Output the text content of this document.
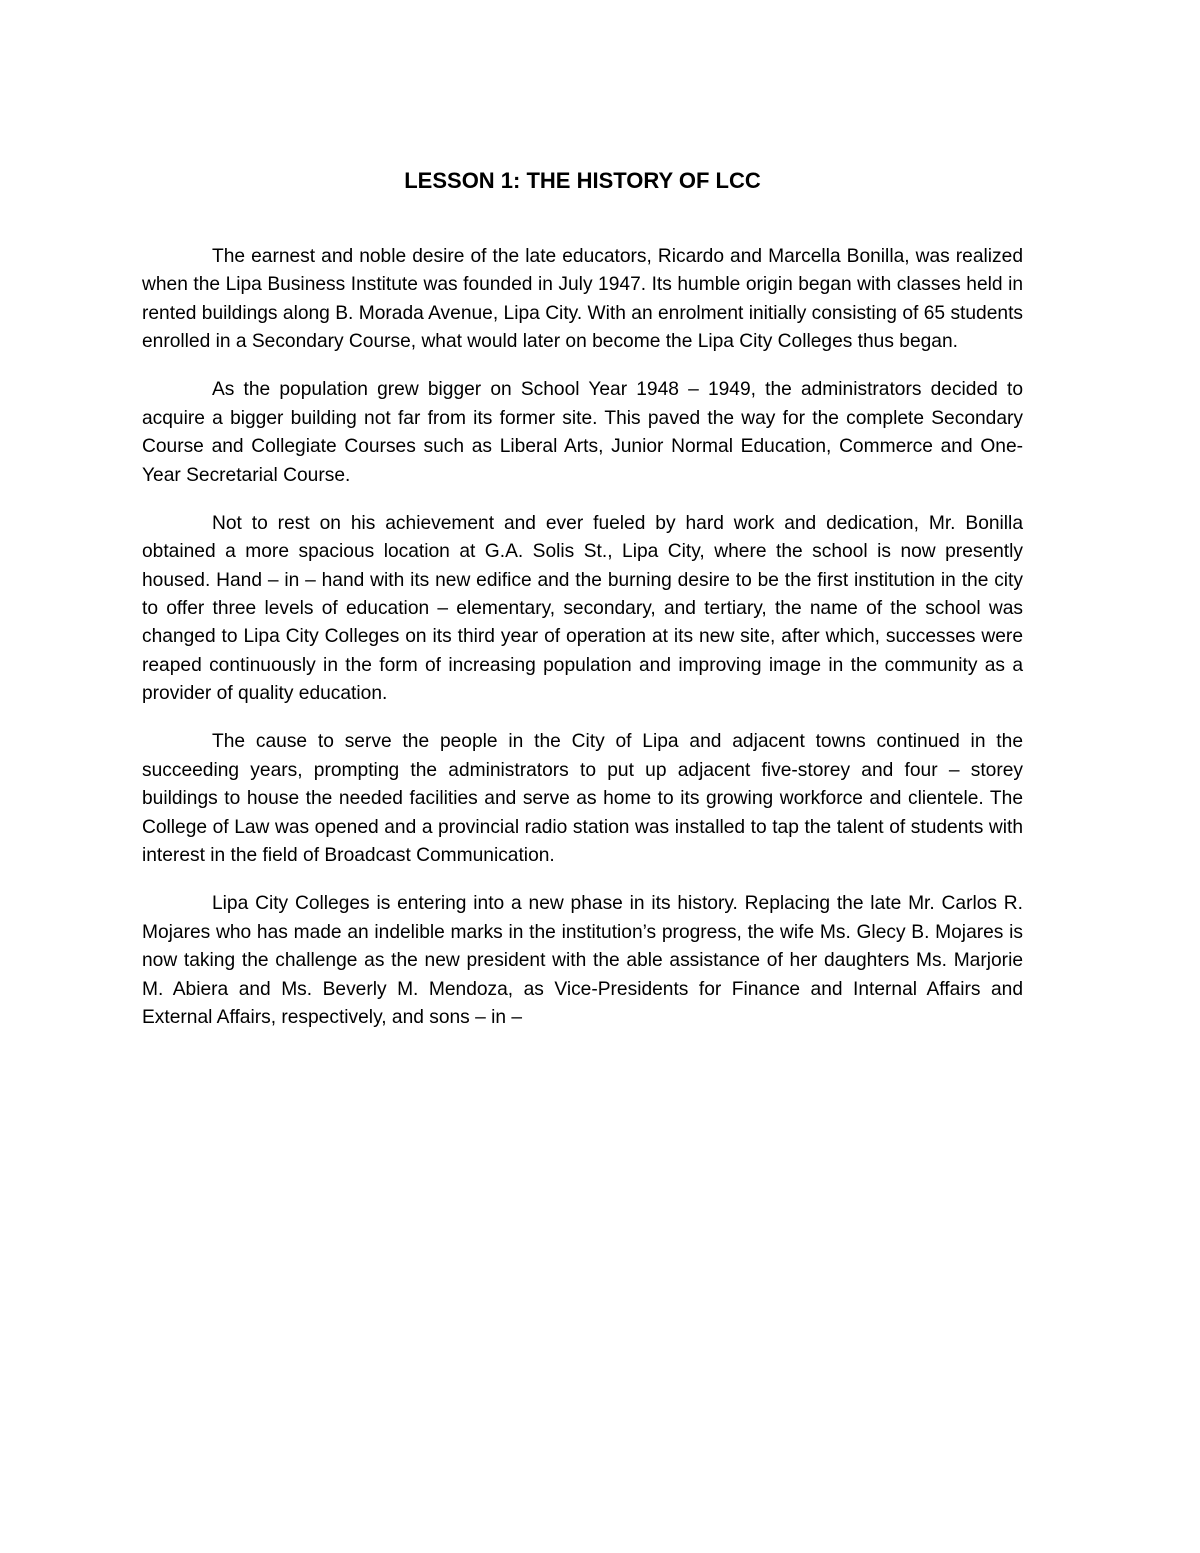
LESSON 1: THE HISTORY OF LCC

The earnest and noble desire of the late educators, Ricardo and Marcella Bonilla, was realized when the Lipa Business Institute was founded in July 1947. Its humble origin began with classes held in rented buildings along B. Morada Avenue, Lipa City. With an enrolment initially consisting of 65 students enrolled in a Secondary Course, what would later on become the Lipa City Colleges thus began.

As the population grew bigger on School Year 1948 – 1949, the administrators decided to acquire a bigger building not far from its former site. This paved the way for the complete Secondary Course and Collegiate Courses such as Liberal Arts, Junior Normal Education, Commerce and One-Year Secretarial Course.

Not to rest on his achievement and ever fueled by hard work and dedication, Mr. Bonilla obtained a more spacious location at G.A. Solis St., Lipa City, where the school is now presently housed. Hand – in – hand with its new edifice and the burning desire to be the first institution in the city to offer three levels of education – elementary, secondary, and tertiary, the name of the school was changed to Lipa City Colleges on its third year of operation at its new site, after which, successes were reaped continuously in the form of increasing population and improving image in the community as a provider of quality education.

The cause to serve the people in the City of Lipa and adjacent towns continued in the succeeding years, prompting the administrators to put up adjacent five-storey and four – storey buildings to house the needed facilities and serve as home to its growing workforce and clientele. The College of Law was opened and a provincial radio station was installed to tap the talent of students with interest in the field of Broadcast Communication.

Lipa City Colleges is entering into a new phase in its history. Replacing the late Mr. Carlos R. Mojares who has made an indelible marks in the institution’s progress, the wife Ms. Glecy B. Mojares is now taking the challenge as the new president with the able assistance of her daughters Ms. Marjorie M. Abiera and Ms. Beverly M. Mendoza, as Vice-Presidents for Finance and Internal Affairs and External Affairs, respectively, and sons – in –
